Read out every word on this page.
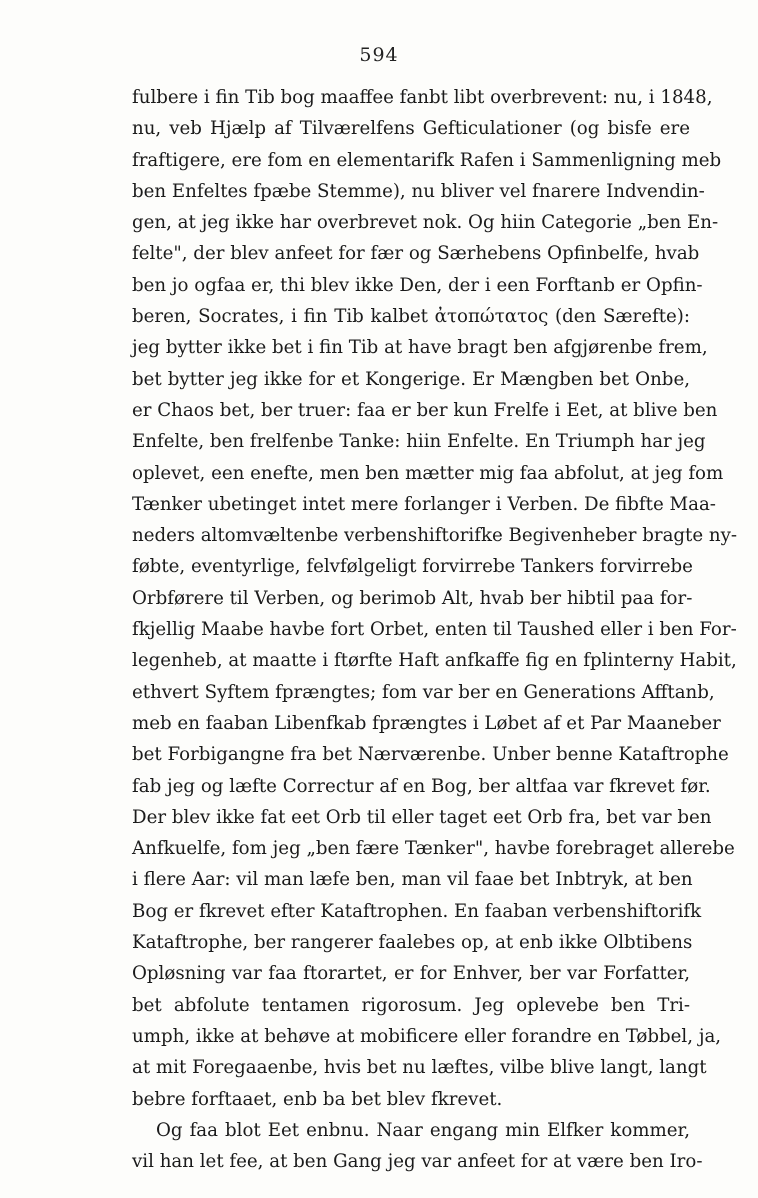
594
fulbere i fin Tib bog maaffee fanbt libt overbrevent: nu, i 1848,
nu, veb Hjælp af Tilværelfens Gefticulationer (og bisfe ere
fraftigere, ere fom en elementarifk Rafen i Sammenligning meb
ben Enfeltes fpæbe Stemme), nu bliver vel fnarere Indvendin-
gen, at jeg ikke har overbrevet nok. Og hiin Categorie „ben En-
felte", der blev anfeet for fær og Særhebens Opfinbelfe, hvab
ben jo ogfaa er, thi blev ikke Den, der i een Forftanb er Opfin-
beren, Socrates, i fin Tib kalbet ἀτοπώτατος (den Særefte):
jeg bytter ikke bet i fin Tib at have bragt ben afgjørenbe frem,
bet bytter jeg ikke for et Kongerige. Er Mængben bet Onbe,
er Chaos bet, ber truer: faa er ber kun Frelfe i Eet, at blive ben
Enfelte, ben frelfenbe Tanke: hiin Enfelte. En Triumph har jeg
oplevet, een enefte, men ben mætter mig faa abfolut, at jeg fom
Tænker ubetinget intet mere forlanger i Verben. De fibfte Maa-
neders altomvæltenbe verbenshiftorifke Begivenheber bragte ny-
føbte, eventyrlige, felvfølgeligt forvirrebe Tankers forvirrebe
Orbførere til Verben, og berimob Alt, hvab ber hibtil paa for-
fkjellig Maabe havbe fort Orbet, enten til Taushed eller i ben For-
legenheb, at maatte i ftørfte Haft anfkaffe fig en fplinterny Habit,
ethvert Syftem fprængtes; fom var ber en Generations Afftanb,
meb en faaban Libenfkab fprængtes i Løbet af et Par Maaneber
bet Forbigangne fra bet Nærværenbe. Unber benne Kataftrophe
fab jeg og læfte Correctur af en Bog, ber altfaa var fkrevet før.
Der blev ikke fat eet Orb til eller taget eet Orb fra, bet var ben
Anfkuelfe, fom jeg „ben fære Tænker", havbe forebraget allerebe
i flere Aar: vil man læfe ben, man vil faae bet Inbtryk, at ben
Bog er fkrevet efter Kataftrophen. En faaban verbenshiftorifk
Kataftrophe, ber rangerer faalebes op, at enb ikke Olbtibens
Opløsning var faa ftorartet, er for Enhver, ber var Forfatter,
bet abfolute tentamen rigorosum. Jeg oplevebe ben Tri-
umph, ikke at behøve at mobificere eller forandre en Tøbbel, ja,
at mit Foregaaenbe, hvis bet nu læftes, vilbe blive langt, langt
bebre forftaaet, enb ba bet blev fkrevet.
Og faa blot Eet enbnu. Naar engang min Elfker kommer,
vil han let fee, at ben Gang jeg var anfeet for at være ben Iro-
